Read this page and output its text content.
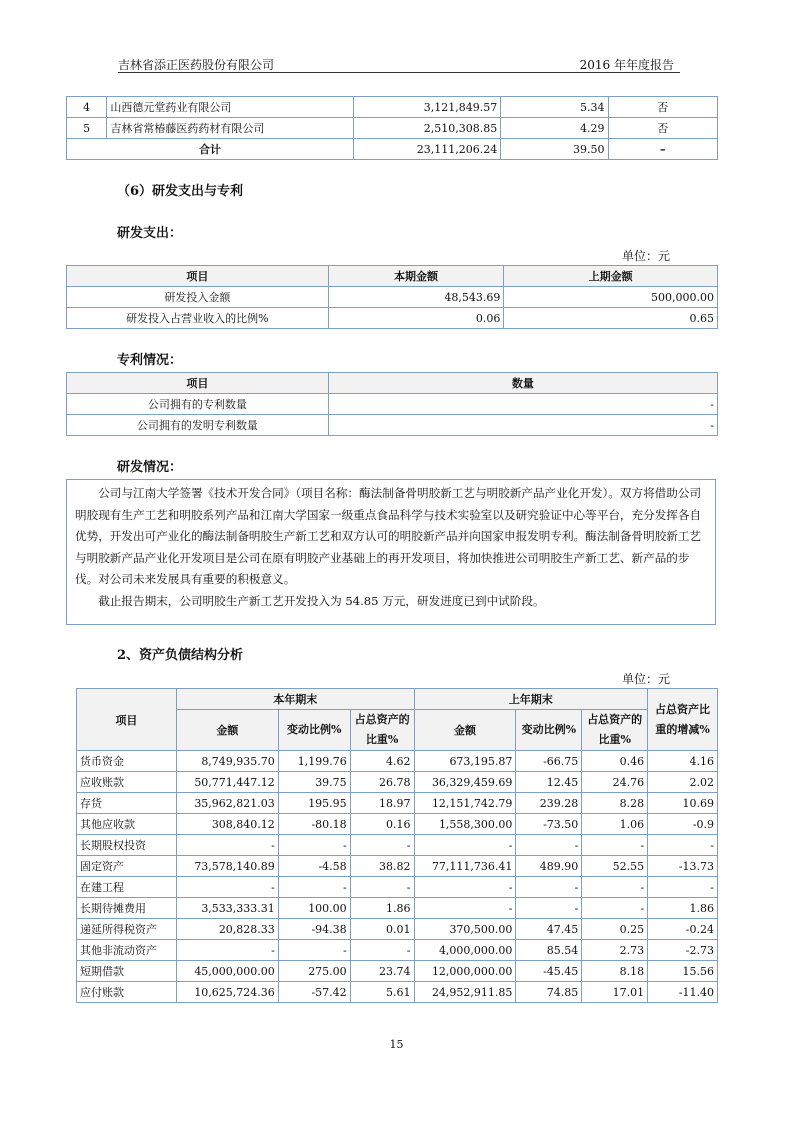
吉林省添正医药股份有限公司	2016 年年度报告
4	山西德元堂药业有限公司	3,121,849.57	5.34	否
5	吉林省常椿藤医药药材有限公司	2,510,308.85	4.29	否
合计		23,111,206.24	39.50	–
（6）研发支出与专利
研发支出：
单位：元
项目	本期金额	上期金额
研发投入金额	48,543.69	500,000.00
研发投入占营业收入的比例%	0.06	0.65
专利情况：
项目	数量
公司拥有的专利数量	-
公司拥有的发明专利数量	-
研发情况：

公司与江南大学签署《技术开发合同》（项目名称：酶法制备骨明胶新工艺与明胶新产品产业化开发）。双方将借助公司明胶现有生产工艺和明胶系列产品和江南大学国家一级重点食品科学与技术实验室以及研究验证中心等平台，充分发挥各自优势，开发出可产业化的酶法制备明胶生产新工艺和双方认可的明胶新产品并向国家申报发明专利。酶法制备骨明胶新工艺与明胶新产品产业化开发项目是公司在原有明胶产业基础上的再开发项目，将加快推进公司明胶生产新工艺、新产品的步伐。对公司未来发展具有重要的积极意义。

截止报告期末，公司明胶生产新工艺开发投入为 54.85 万元，研发进度已到中试阶段。

2、资产负债结构分析
单位：元
项目	本年期末			上年期末			占总资产比重的增减%
	金额	变动比例%	占总资产的比重%	金额	变动比例%	占总资产的比重%	

货币资金	8,749,935.70	1,199.76	4.62	673,195.87	-66.75	0.46	4.16
应收账款	50,771,447.12	39.75	26.78	36,329,459.69	12.45	24.76	2.02
存货	35,962,821.03	195.95	18.97	12,151,742.79	239.28	8.28	10.69
其他应收款	308,840.12	-80.18	0.16	1,558,300.00	-73.50	1.06	-0.9
长期股权投资	-	-	-	-	-	-	-
固定资产	73,578,140.89	-4.58	38.82	77,111,736.41	489.90	52.55	-13.73
在建工程	-	-	-	-	-	-	-
长期待摊费用	3,533,333.31	100.00	1.86	-	-	-	1.86
递延所得税资产	20,828.33	-94.38	0.01	370,500.00	47.45	0.25	-0.24
其他非流动资产	-	-	-	4,000,000.00	85.54	2.73	-2.73
短期借款	45,000,000.00	275.00	23.74	12,000,000.00	-45.45	8.18	15.56
应付账款	10,625,724.36	-57.42	5.61	24,952,911.85	74.85	17.01	-11.40
15
